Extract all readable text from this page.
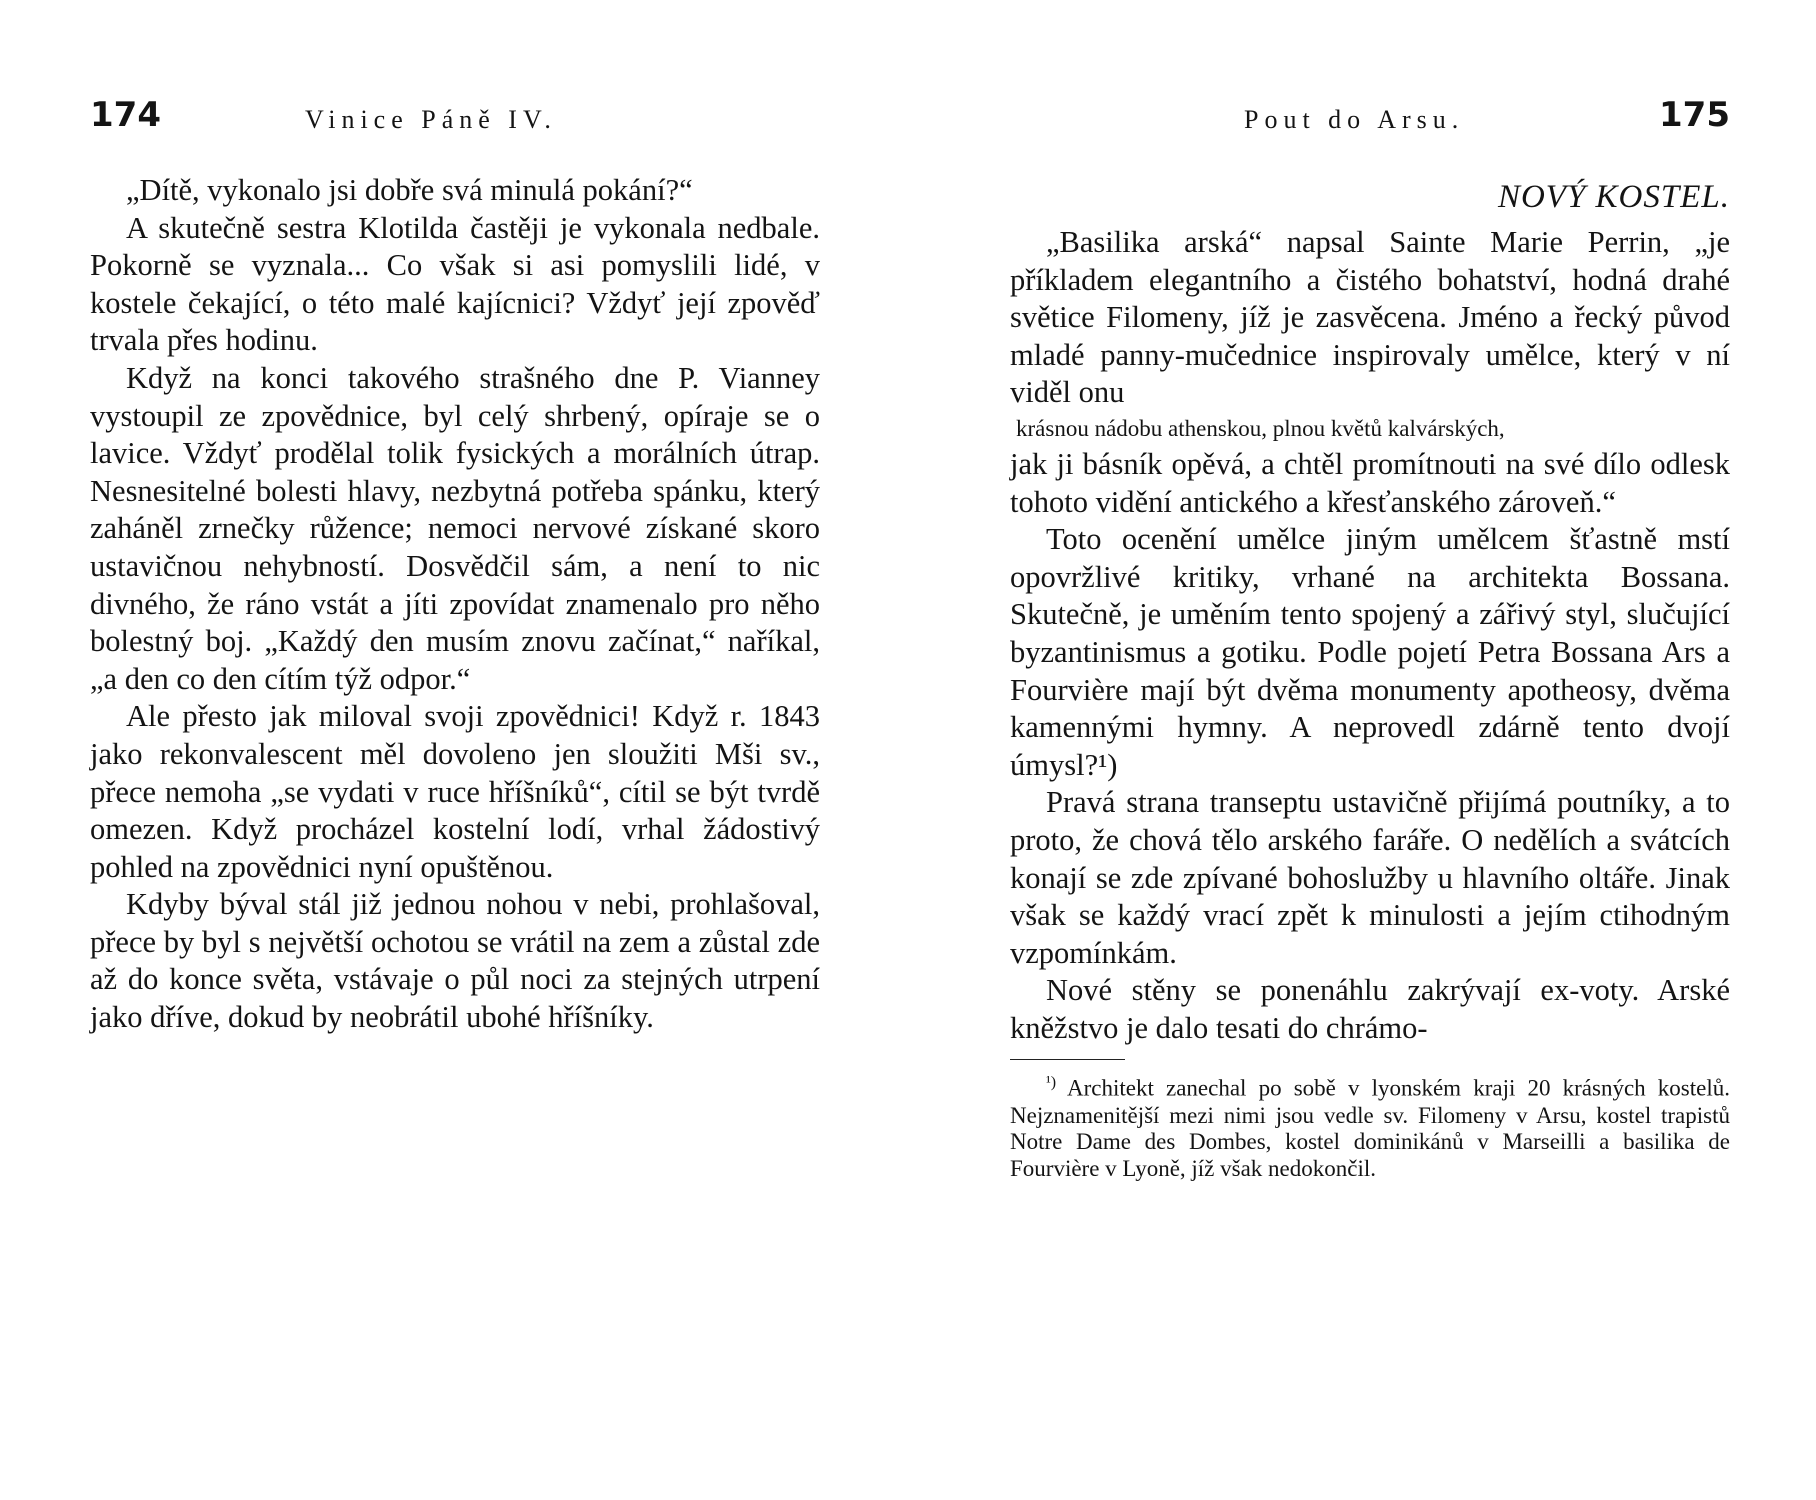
174	Vinice Páně IV.

„Dítě, vykonalo jsi dobře svá minulá pokání?“

A skutečně sestra Klotilda častěji je vykonala nedbale. Pokorně se vyznala... Co však si asi pomyslili lidé, v kostele čekající, o této malé kajícnici? Vždyť její zpověď trvala přes hodinu.

Když na konci takového strašného dne P. Vianney vystoupil ze zpovědnice, byl celý shrbený, opíraje se o lavice. Vždyť prodělal tolik fysických a morálních útrap. Nesnesitelné bolesti hlavy, nezbytná potřeba spánku, který zaháněl zrnečky růžence; nemoci nervové získané skoro ustavičnou nehybností. Dosvědčil sám, a není to nic divného, že ráno vstát a jíti zpovídat znamenalo pro něho bolestný boj. „Každý den musím znovu začínat,“ naříkal, „a den co den cítím týž odpor.“

Ale přesto jak miloval svoji zpovědnici! Když r. 1843 jako rekonvalescent měl dovoleno jen sloužiti Mši sv., přece nemoha „se vydati v ruce hříšníků“, cítil se být tvrdě omezen. Když procházel kostelní lodí, vrhal žádostivý pohled na zpovědnici nyní opuštěnou.

Kdyby býval stál již jednou nohou v nebi, prohlašoval, přece by byl s největší ochotou se vrátil na zem a zůstal zde až do konce světa, vstávaje o půl noci za stejných utrpení jako dříve, dokud by neobrátil ubohé hříšníky.

Pout do Arsu.	175
NOVÝ KOSTEL.

„Basilika arská“ napsal Sainte Marie Perrin, „je příkladem elegantního a čistého bohatství, hodná drahé světice Filomeny, jíž je zasvěcena. Jméno a řecký původ mladé panny-mučednice inspirovaly umělce, který v ní viděl onu

krásnou nádobu athenskou, plnou květů kalvárských,

jak ji básník opěvá, a chtěl promítnouti na své dílo odlesk tohoto vidění antického a křesťanského zároveň.“

Toto ocenění umělce jiným umělcem šťastně mstí opovržlivé kritiky, vrhané na architekta Bossana. Skutečně, je uměním tento spojený a zářivý styl, slučující byzantinismus a gotiku. Podle pojetí Petra Bossana Ars a Fourvière mají být dvěma monumenty apotheosy, dvěma kamennými hymny. A neprovedl zdárně tento dvojí úmysl?¹)

Pravá strana transeptu ustavičně přijímá poutníky, a to proto, že chová tělo arského faráře. O nedělích a svátcích konají se zde zpívané bohoslužby u hlavního oltáře. Jinak však se každý vrací zpět k minulosti a jejím ctihodným vzpomínkám.

Nové stěny se ponenáhlu zakrývají ex-voty. Arské kněžstvo je dalo tesati do chrámo-

$^{^1)}$ Architekt zanechal po sobě v lyonském kraji 20 krásných kostelů. Nejznamenitější mezi nimi jsou vedle sv. Filomeny v Arsu, kostel trapistů Notre Dame des Dombes, kostel dominikánů v Marseilli a basilika de Fourvière v Lyoně, jíž však nedokončil.
